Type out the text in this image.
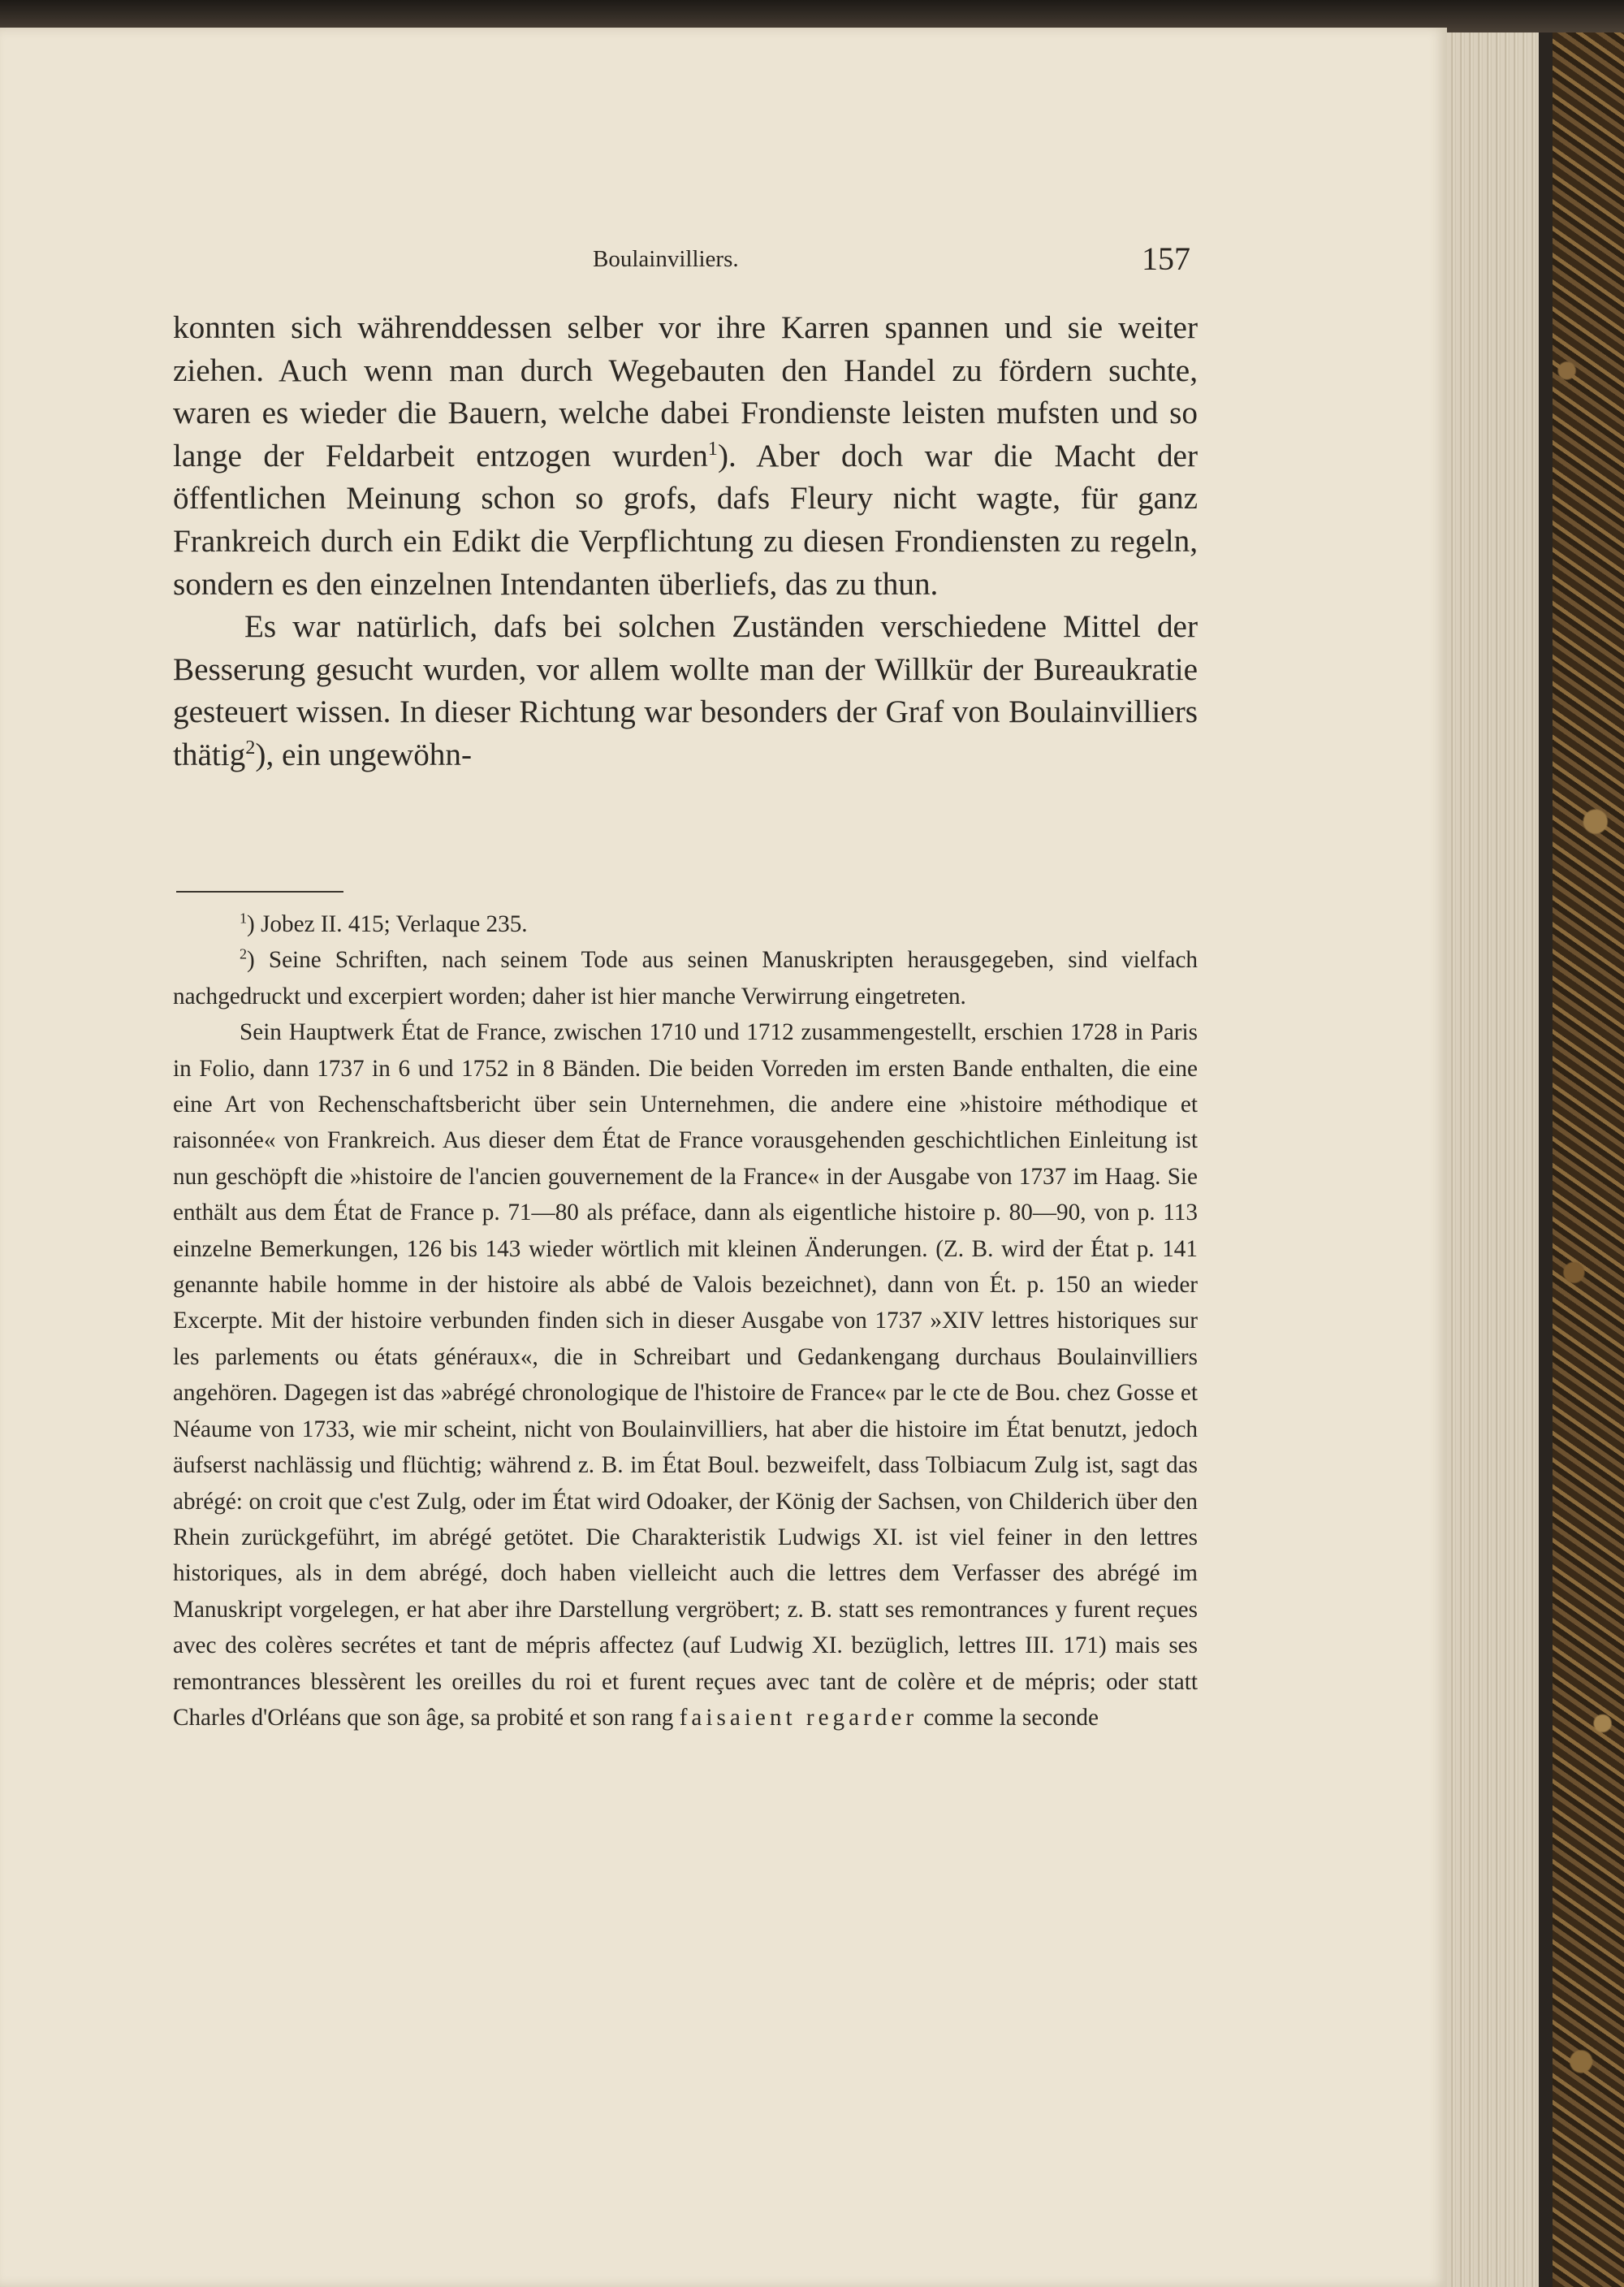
Boulainvilliers.	157

konnten sich währenddessen selber vor ihre Karren spannen und sie weiter ziehen. Auch wenn man durch Wegebauten den Handel zu fördern suchte, waren es wieder die Bauern, welche dabei Frondienste leisten mufsten und so lange der Feldarbeit entzogen wurden$^1$). Aber doch war die Macht der öffentlichen Meinung schon so grofs, dafs Fleury nicht wagte, für ganz Frankreich durch ein Edikt die Verpflichtung zu diesen Frondiensten zu regeln, sondern es den einzelnen Intendanten überliefs, das zu thun.

Es war natürlich, dafs bei solchen Zuständen verschiedene Mittel der Besserung gesucht wurden, vor allem wollte man der Willkür der Bureaukratie gesteuert wissen. In dieser Richtung war besonders der Graf von Boulainvilliers thätig$^2$), ein ungewöhn-

$^1$) Jobez II. 415; Verlaque 235.

$^2$) Seine Schriften, nach seinem Tode aus seinen Manuskripten herausgegeben, sind vielfach nachgedruckt und excerpiert worden; daher ist hier manche Verwirrung eingetreten.

Sein Hauptwerk État de France, zwischen 1710 und 1712 zusammengestellt, erschien 1728 in Paris in Folio, dann 1737 in 6 und 1752 in 8 Bänden. Die beiden Vorreden im ersten Bande enthalten, die eine eine Art von Rechenschaftsbericht über sein Unternehmen, die andere eine »histoire méthodique et raisonnée« von Frankreich. Aus dieser dem État de France vorausgehenden geschichtlichen Einleitung ist nun geschöpft die »histoire de l'ancien gouvernement de la France« in der Ausgabe von 1737 im Haag. Sie enthält aus dem État de France p. 71—80 als préface, dann als eigentliche histoire p. 80—90, von p. 113 einzelne Bemerkungen, 126 bis 143 wieder wörtlich mit kleinen Änderungen. (Z. B. wird der État p. 141 genannte habile homme in der histoire als abbé de Valois bezeichnet), dann von Ét. p. 150 an wieder Excerpte. Mit der histoire verbunden finden sich in dieser Ausgabe von 1737 »XIV lettres historiques sur les parlements ou états généraux«, die in Schreibart und Gedankengang durchaus Boulainvilliers angehören. Dagegen ist das »abrégé chronologique de l'histoire de France« par le cte de Bou. chez Gosse et Néaume von 1733, wie mir scheint, nicht von Boulainvilliers, hat aber die histoire im État benutzt, jedoch äufserst nachlässig und flüchtig; während z. B. im État Boul. bezweifelt, dass Tolbiacum Zulg ist, sagt das abrégé: on croit que c'est Zulg, oder im État wird Odoaker, der König der Sachsen, von Childerich über den Rhein zurückgeführt, im abrégé getötet. Die Charakteristik Ludwigs XI. ist viel feiner in den lettres historiques, als in dem abrégé, doch haben vielleicht auch die lettres dem Verfasser des abrégé im Manuskript vorgelegen, er hat aber ihre Darstellung vergröbert; z. B. statt ses remontrances y furent reçues avec des colères secrétes et tant de mépris affectez (auf Ludwig XI. bezüglich, lettres III. 171) mais ses remontrances blessèrent les oreilles du roi et furent reçues avec tant de colère et de mépris; oder statt Charles d'Orléans que son âge, sa probité et son rang faisaient regarder comme la seconde
